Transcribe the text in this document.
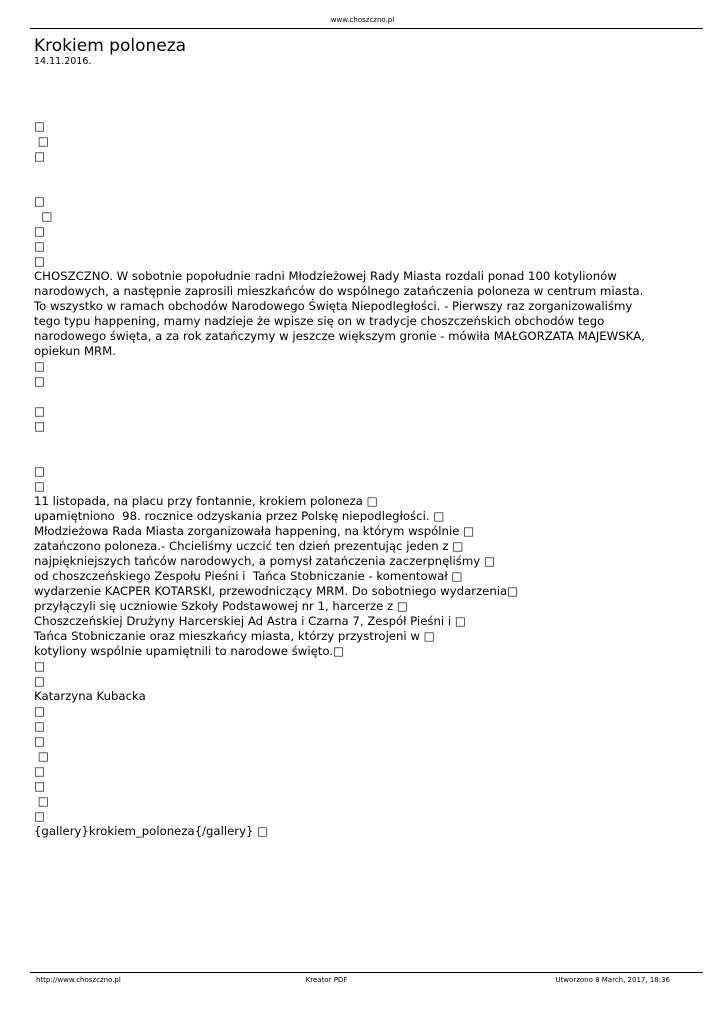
www.choszczno.pl
Krokiem poloneza
14.11.2016.
□
□
□
□
□
□
□
□
CHOSZCZNO. W sobotnie popołudnie radni Młodzieżowej Rady Miasta rozdali ponad 100 kotylionów
narodowych, a następnie zaprosili mieszkańców do wspólnego zatańczenia poloneza w centrum miasta.
To wszystko w ramach obchodów Narodowego Święta Niepodległości. - Pierwszy raz zorganizowaliśmy
tego typu happening, mamy nadzieje że wpisze się on w tradycje choszczeńskich obchodów tego
narodowego święta, a za rok zatańczymy w jeszcze większym gronie - mówiła MAŁGORZATA MAJEWSKA,
opiekun MRM.
□
□
□
□
□
□
11 listopada, na placu przy fontannie, krokiem poloneza □
upamiętniono  98. rocznice odzyskania przez Polskę niepodległości. □
Młodzieżowa Rada Miasta zorganizowała happening, na którym wspólnie □
zatańczono poloneza.- Chcieliśmy uczcić ten dzień prezentując jeden z □
najpiękniejszych tańców narodowych, a pomysł zatańczenia zaczerpnęliśmy □
od choszczeńskiego Zespołu Pieśni i  Tańca Stobniczanie - komentował □
wydarzenie KACPER KOTARSKI, przewodniczący MRM. Do sobotniego wydarzenia□
przyłączyli się uczniowie Szkoły Podstawowej nr 1, harcerze z □
Choszczeńskiej Drużyny Harcerskiej Ad Astra i Czarna 7, Zespół Pieśni i □
Tańca Stobniczanie oraz mieszkańcy miasta, którzy przystrojeni w □
kotyliony wspólnie upamiętnili to narodowe święto.□
□
□
Katarzyna Kubacka
□
□
□
□
□
□
□
□
{gallery}krokiem_poloneza{/gallery} □
http://www.choszczno.pl	Kreator PDF	Utworzono 8 March, 2017, 18:36
